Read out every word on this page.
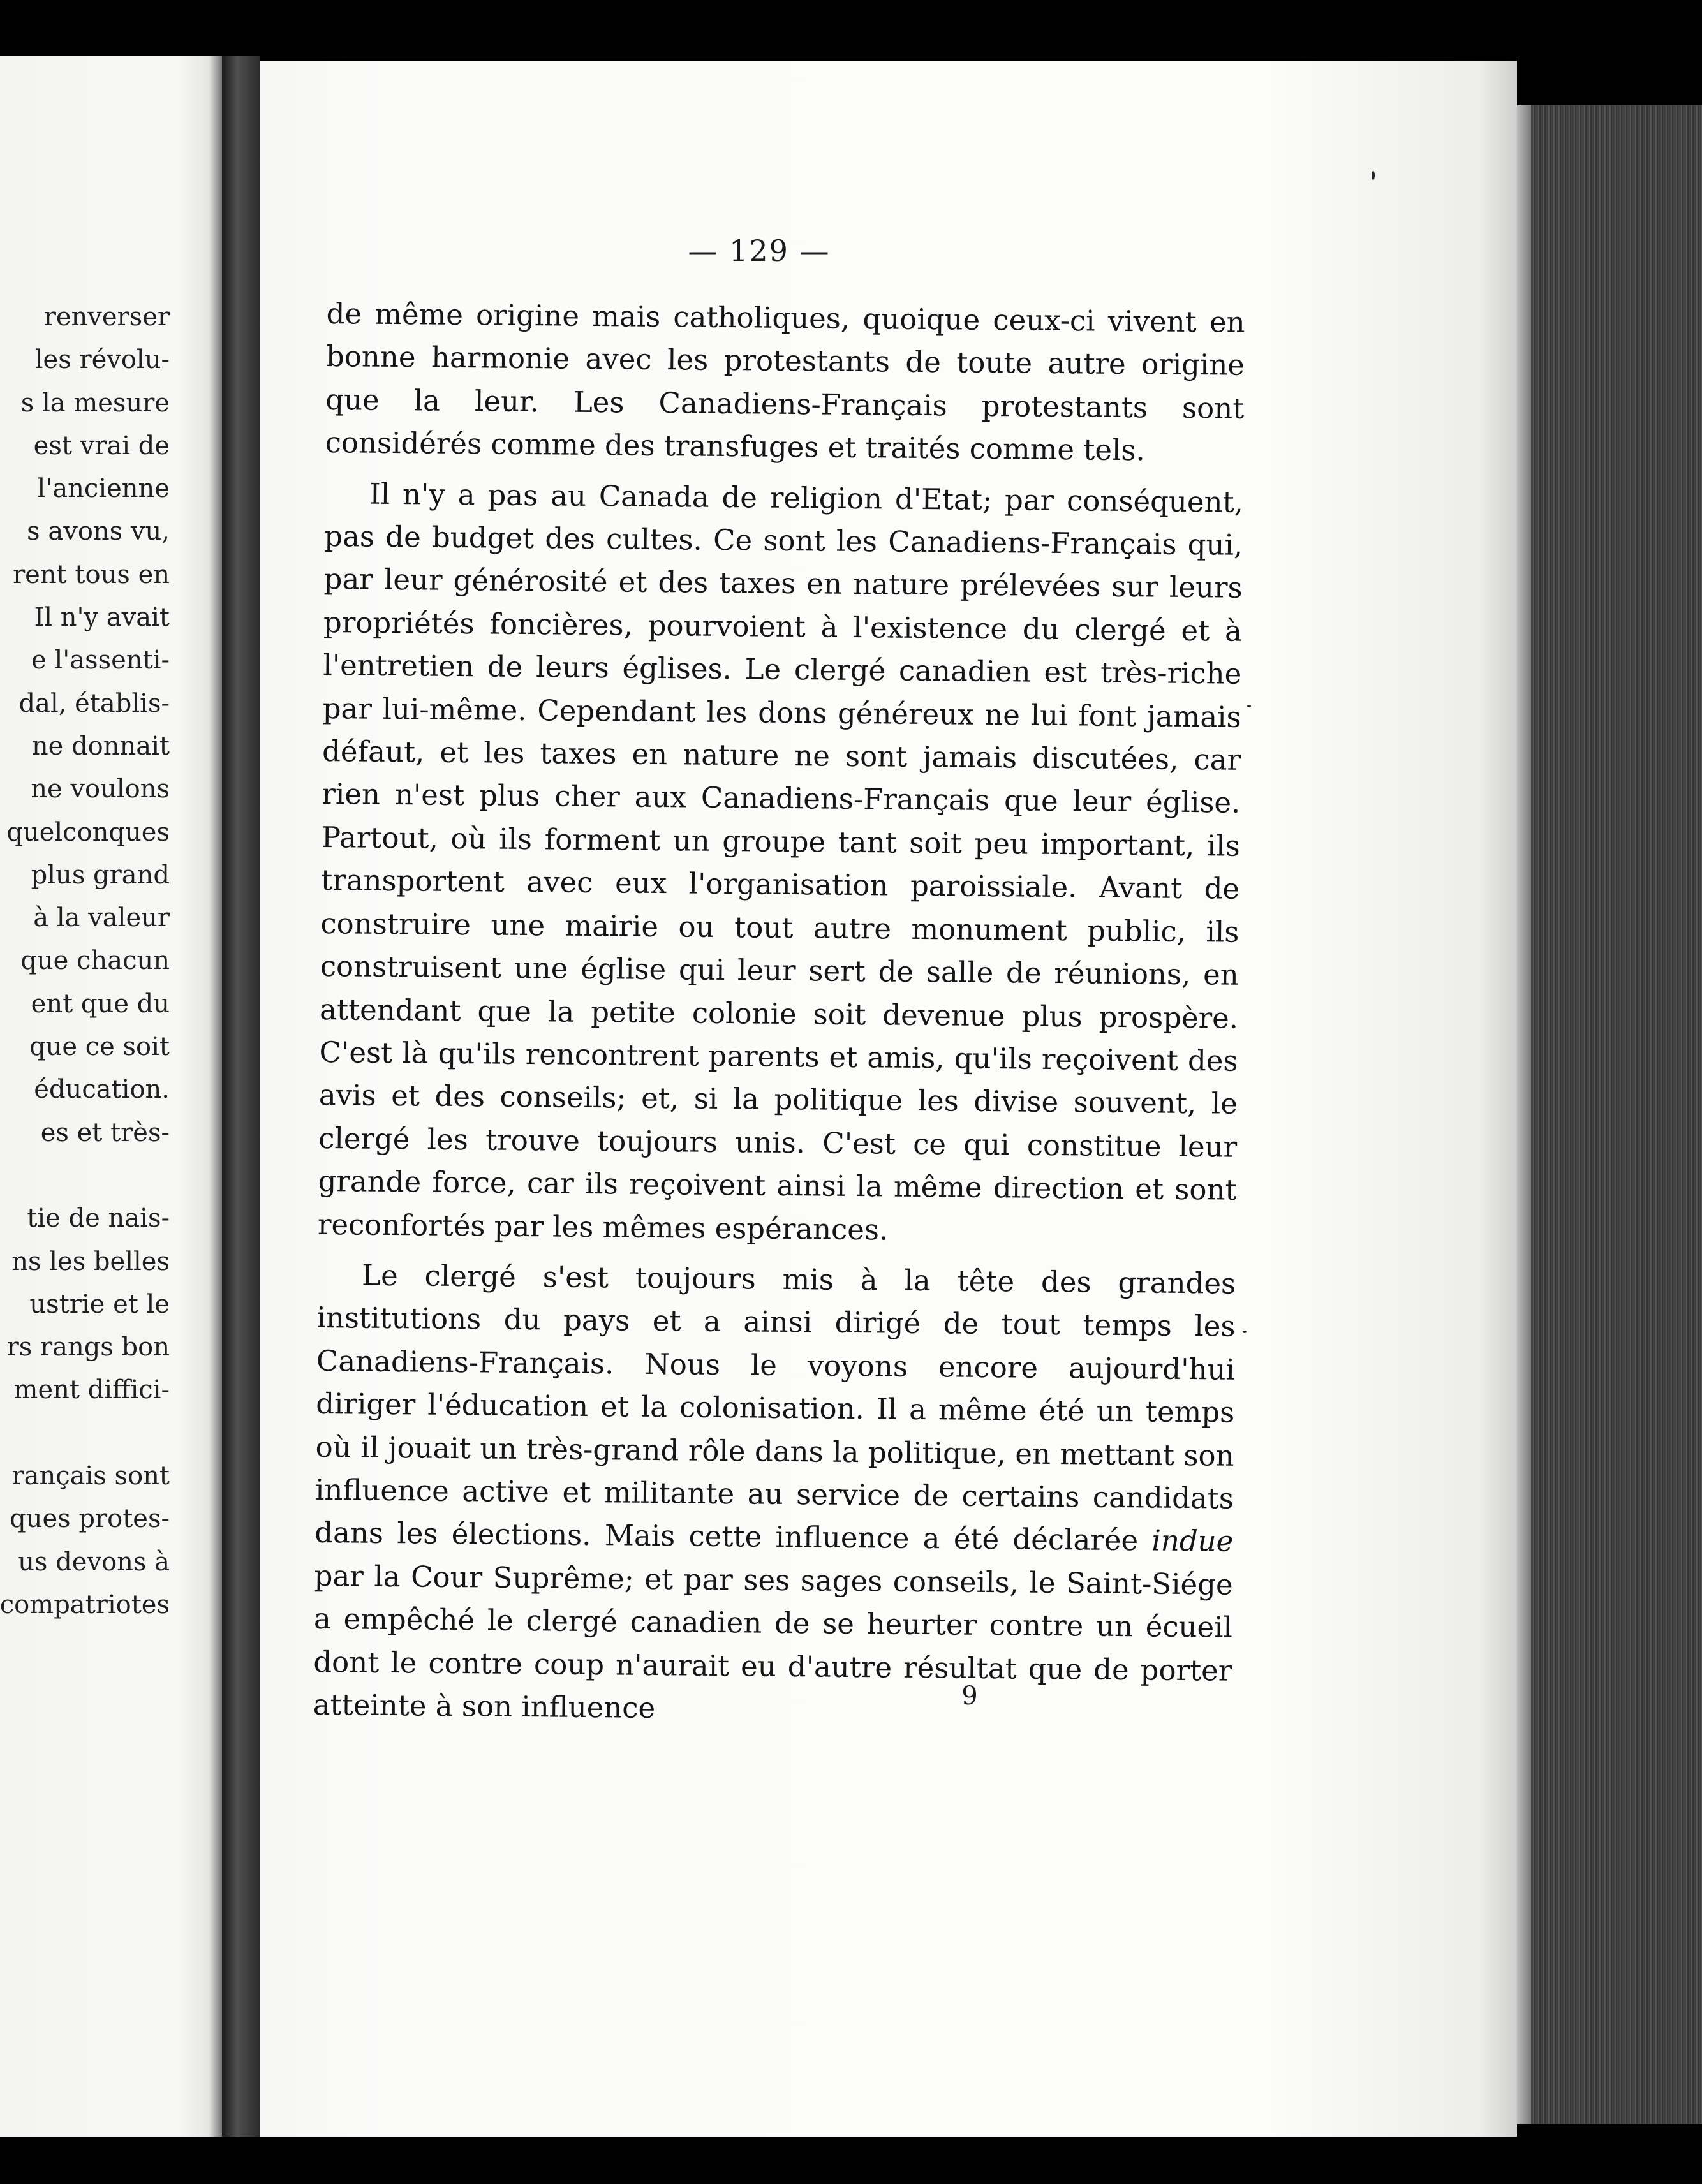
renverser
les révolu-
s la mesure
est vrai de
l'ancienne
s avons vu,
rent tous en
Il n'y avait
e l'assenti-
dal, établis-
ne donnait
ne voulons
quelconques
plus grand
à la valeur
que chacun
ent que du
que ce soit
éducation.
es et très-
tie de nais-
ns les belles
ustrie et le
rs rangs bon
ment diffici-
rançais sont
ques protes-
us devons à
compatriotes
— 129 —

de même origine mais catholiques, quoique ceux-ci vivent en bonne harmonie avec les protestants de toute autre origine que la leur. Les Canadiens-Français protestants sont considérés comme des transfuges et traités comme tels.

Il n'y a pas au Canada de religion d'Etat; par conséquent, pas de budget des cultes. Ce sont les Canadiens-Français qui, par leur générosité et des taxes en nature prélevées sur leurs propriétés foncières, pourvoient à l'existence du clergé et à l'entretien de leurs églises. Le clergé canadien est très-riche par lui-même. Cependant les dons généreux ne lui font jamais défaut, et les taxes en nature ne sont jamais discutées, car rien n'est plus cher aux Canadiens-Français que leur église. Partout, où ils forment un groupe tant soit peu important, ils transportent avec eux l'organisation paroissiale. Avant de construire une mairie ou tout autre monument public, ils construisent une église qui leur sert de salle de réunions, en attendant que la petite colonie soit devenue plus prospère. C'est là qu'ils rencontrent parents et amis, qu'ils reçoivent des avis et des conseils; et, si la politique les divise souvent, le clergé les trouve toujours unis. C'est ce qui constitue leur grande force, car ils reçoivent ainsi la même direction et sont reconfortés par les mêmes espérances.

Le clergé s'est toujours mis à la tête des grandes institutions du pays et a ainsi dirigé de tout temps les Canadiens-Français. Nous le voyons encore aujourd'hui diriger l'éducation et la colonisation. Il a même été un temps où il jouait un très-grand rôle dans la politique, en mettant son influence active et militante au service de certains candidats dans les élections. Mais cette influence a été déclarée indue par la Cour Suprême; et par ses sages conseils, le Saint-Siége a empêché le clergé canadien de se heurter contre un écueil dont le contre coup n'aurait eu d'autre résultat que de porter atteinte à son influence	9
